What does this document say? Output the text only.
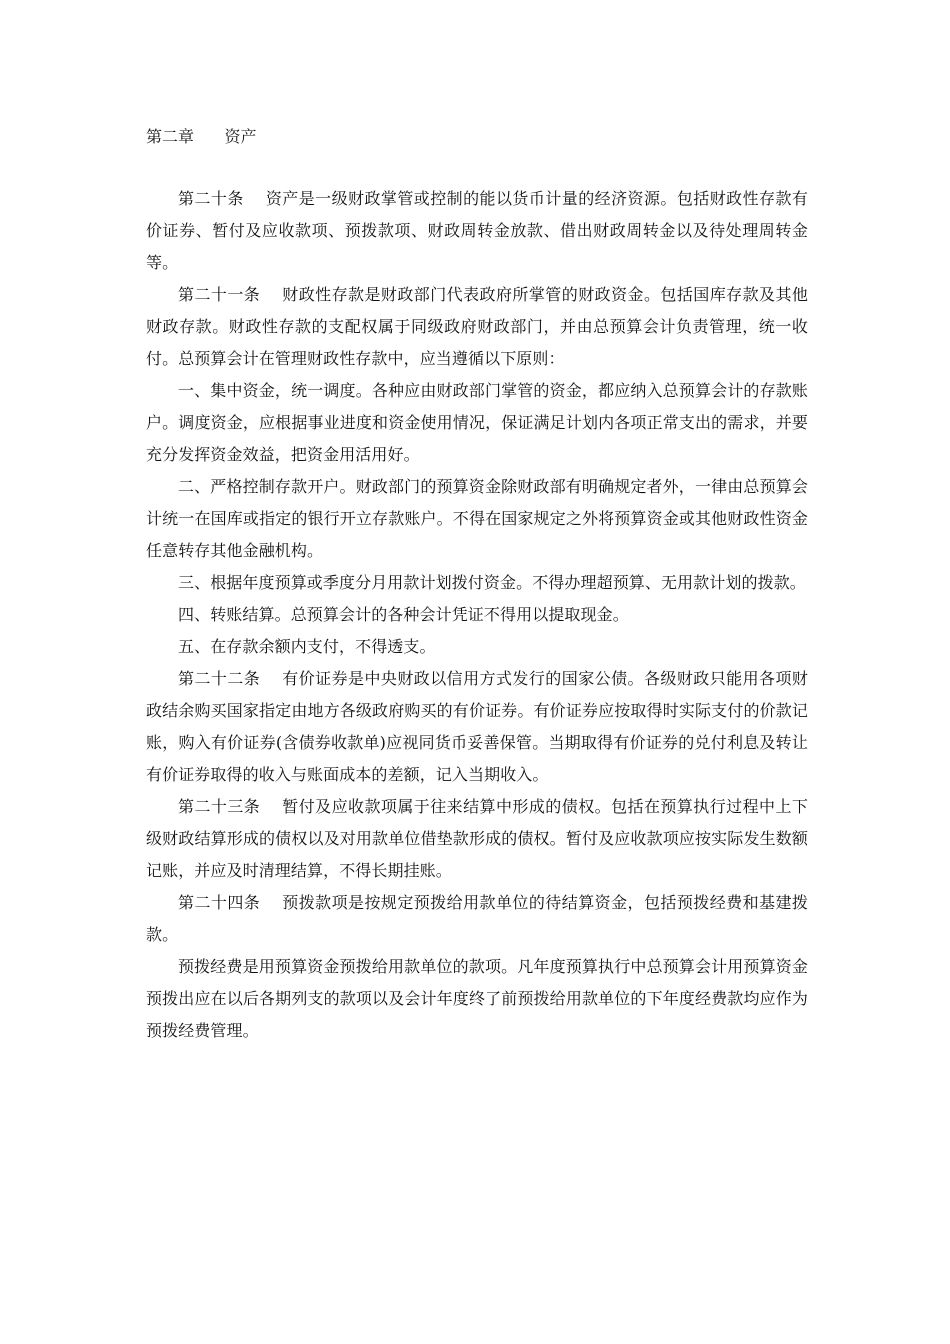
第二章      资产

第二十条    资产是一级财政掌管或控制的能以货币计量的经济资源。包括财政性存款有价证券、暂付及应收款项、预拨款项、财政周转金放款、借出财政周转金以及待处理周转金等。

第二十一条    财政性存款是财政部门代表政府所掌管的财政资金。包括国库存款及其他财政存款。财政性存款的支配权属于同级政府财政部门，并由总预算会计负责管理，统一收付。总预算会计在管理财政性存款中，应当遵循以下原则：

一、集中资金，统一调度。各种应由财政部门掌管的资金，都应纳入总预算会计的存款账户。调度资金，应根据事业进度和资金使用情况，保证满足计划内各项正常支出的需求，并要充分发挥资金效益，把资金用活用好。

二、严格控制存款开户。财政部门的预算资金除财政部有明确规定者外，一律由总预算会计统一在国库或指定的银行开立存款账户。不得在国家规定之外将预算资金或其他财政性资金任意转存其他金融机构。

三、根据年度预算或季度分月用款计划拨付资金。不得办理超预算、无用款计划的拨款。

四、转账结算。总预算会计的各种会计凭证不得用以提取现金。

五、在存款余额内支付，不得透支。

第二十二条    有价证券是中央财政以信用方式发行的国家公债。各级财政只能用各项财政结余购买国家指定由地方各级政府购买的有价证券。有价证券应按取得时实际支付的价款记账，购入有价证券(含债券收款单)应视同货币妥善保管。当期取得有价证券的兑付利息及转让有价证券取得的收入与账面成本的差额，记入当期收入。

第二十三条    暂付及应收款项属于往来结算中形成的债权。包括在预算执行过程中上下级财政结算形成的债权以及对用款单位借垫款形成的债权。暂付及应收款项应按实际发生数额记账，并应及时清理结算，不得长期挂账。

第二十四条    预拨款项是按规定预拨给用款单位的待结算资金，包括预拨经费和基建拨款。

预拨经费是用预算资金预拨给用款单位的款项。凡年度预算执行中总预算会计用预算资金预拨出应在以后各期列支的款项以及会计年度终了前预拨给用款单位的下年度经费款均应作为预拨经费管理。
